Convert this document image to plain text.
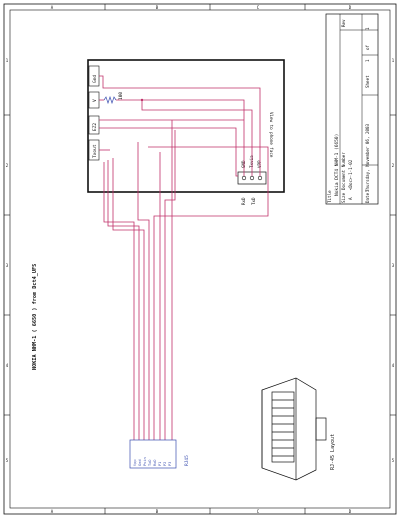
A	B	C	D
A	B	C	D
1
2
3
4
5
1
2
3
4
5
Title
Nokia DCT4 NHM-1 (6650)
Size A
Document Number <Doc>-1-1-02
Rev
Date:
Thursday, November 06, 2003
Sheet
1
of
1
Gnd
V
EZ2
Txout
100
View to phone face
GND Txvia VPP
RxD TxD
Vpp Gnd Pvin TxD RxD P1 P2 P3	RJ45
NOKIA NHM-1 ( 6650 ) from Dct4_UFS
RJ-45 Layout
